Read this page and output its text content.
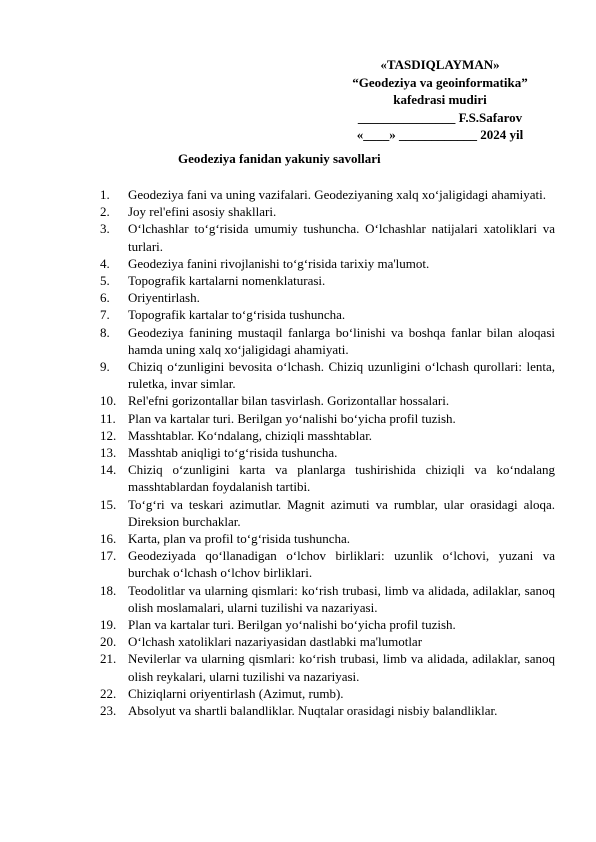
«TASDIQLAYMAN»
“Geodeziya va geoinformatika”
kafedrasi mudiri
_______________ F.S.Safarov
«____» ____________ 2024 yil
Geodeziya fanidan yakuniy savollari
1.	Geodeziya fani va uning vazifalari. Geodeziyaning xalq xo‘jaligidagi ahamiyati.
2.	Joy rel'efini asosiy shakllari.
3.	O‘lchashlar to‘g‘risida umumiy tushuncha. O‘lchashlar natijalari xatoliklari va turlari.
4.	Geodeziya fanini rivojlanishi to‘g‘risida tarixiy ma'lumot.
5.	Topografik kartalarni nomenklaturasi.
6.	Oriyentirlash.
7.	Topografik kartalar to‘g‘risida tushuncha.
8.	Geodeziya fanining mustaqil fanlarga bo‘linishi va boshqa fanlar bilan aloqasi hamda uning xalq xo‘jaligidagi ahamiyati.
9.	Chiziq o‘zunligini bevosita o‘lchash. Chiziq uzunligini o‘lchash qurollari: lenta, ruletka, invar simlar.
10. Rel'efni gorizontallar bilan tasvirlash. Gorizontallar hossalari.
11. Plan va kartalar turi. Berilgan yo‘nalishi bo‘yicha profil tuzish.
12. Masshtablar. Ko‘ndalang, chiziqli masshtablar.
13. Masshtab aniqligi to‘g‘risida tushuncha.
14. Chiziq o‘zunligini karta va planlarga tushirishida chiziqli va ko‘ndalang masshtablardan foydalanish tartibi.
15. To‘g‘ri va teskari azimutlar. Magnit azimuti va rumblar, ular orasidagi aloqa. Direksion burchaklar.
16. Karta, plan va profil to‘g‘risida tushuncha.
17. Geodeziyada qo‘llanadigan o‘lchov birliklari: uzunlik o‘lchovi, yuzani va burchak o‘lchash o‘lchov birliklari.
18. Teodolitlar va ularning qismlari: ko‘rish trubasi, limb va alidada, adilaklar, sanoq olish moslamalari, ularni tuzilishi va nazariyasi.
19. Plan va kartalar turi. Berilgan yo‘nalishi bo‘yicha profil tuzish.
20. O‘lchash xatoliklari nazariyasidan dastlabki ma'lumotlar
21. Nevilerlar va ularning qismlari: ko‘rish trubasi, limb va alidada, adilaklar, sanoq olish reykalari, ularni tuzilishi va nazariyasi.
22. Chiziqlarni oriyentirlash (Azimut, rumb).
23. Absolyut va shartli balandliklar. Nuqtalar orasidagi nisbiy balandliklar.
